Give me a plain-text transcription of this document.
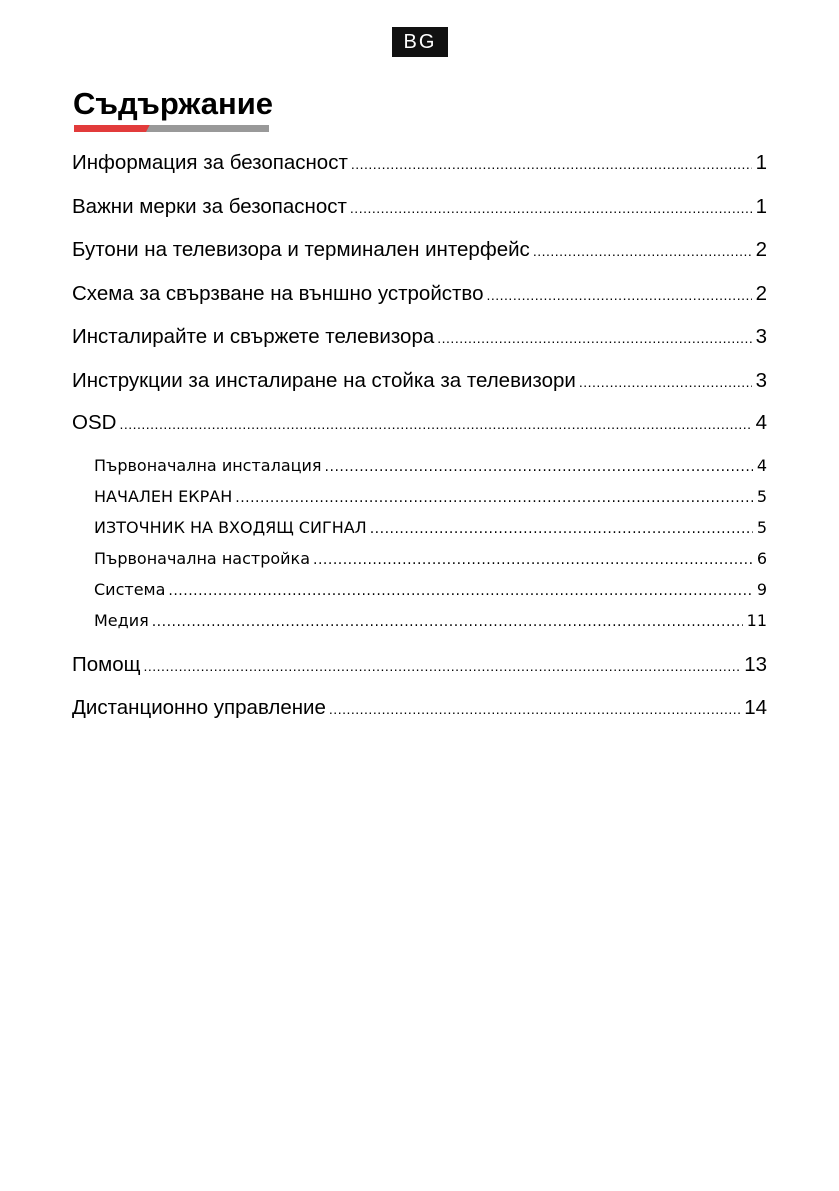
BG
Съдържание
Информация за безопасност .....	1
Важни мерки за безопасност .....	1
Бутони на телевизора и терминален интерфейс .....	2
Схема за свързване на външно устройство .....	2
Инсталирайте и свържете телевизора .....	3
Инструкции за инсталиране на стойка за телевизори .....	3
OSD .....	4
Първоначална инсталация .....	4
НАЧАЛЕН ЕКРАН .....	5
ИЗТОЧНИК НА ВХОДЯЩ СИГНАЛ .....	5
Първоначална настройка .....	6
Система .....	9
Медия .....	11
Помощ .....	13
Дистанционно управление .....	14
